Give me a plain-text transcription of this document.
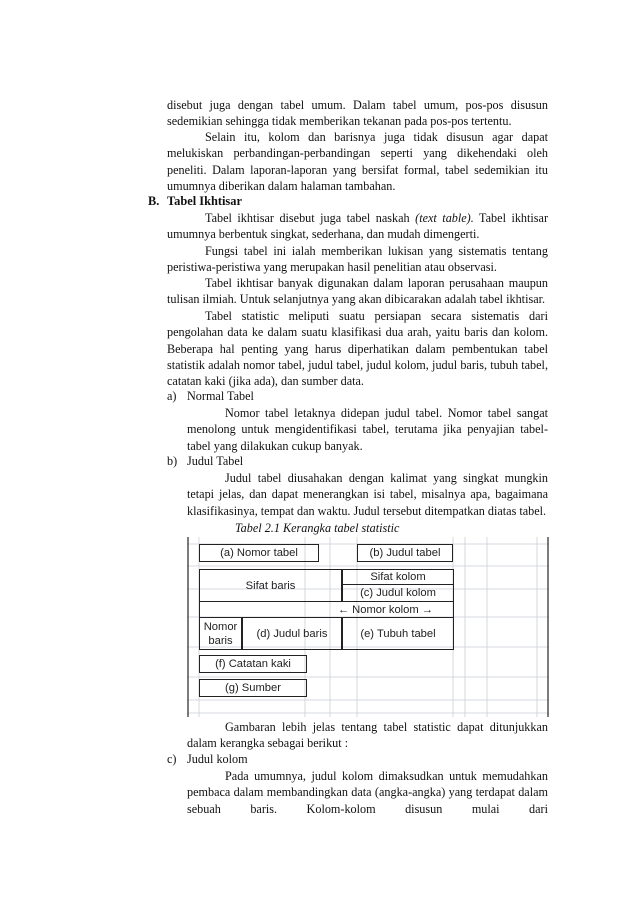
disebut juga dengan tabel umum. Dalam tabel umum, pos-pos disusun sedemikian sehingga tidak memberikan tekanan pada pos-pos tertentu.

Selain itu, kolom dan barisnya juga tidak disusun agar dapat melukiskan perbandingan-perbandingan seperti yang dikehendaki oleh peneliti. Dalam laporan-laporan yang bersifat formal, tabel sedemikian itu umumnya diberikan dalam halaman tambahan.

B. Tabel Ikhtisar

Tabel ikhtisar disebut juga tabel naskah (text table). Tabel ikhtisar umumnya berbentuk singkat, sederhana, dan mudah dimengerti.

Fungsi tabel ini ialah memberikan lukisan yang sistematis tentang peristiwa-peristiwa yang merupakan hasil penelitian atau observasi.

Tabel ikhtisar banyak digunakan dalam laporan perusahaan maupun tulisan ilmiah. Untuk selanjutnya yang akan dibicarakan adalah tabel ikhtisar.

Tabel statistic meliputi suatu persiapan secara sistematis dari pengolahan data ke dalam suatu klasifikasi dua arah, yaitu baris dan kolom. Beberapa hal penting yang harus diperhatikan dalam pembentukan tabel statistik adalah nomor tabel, judul tabel, judul kolom, judul baris, tubuh tabel, catatan kaki (jika ada), dan sumber data.

a) Normal Tabel

Nomor tabel letaknya didepan judul tabel. Nomor tabel sangat menolong untuk mengidentifikasi tabel, terutama jika penyajian tabel-tabel yang dilakukan cukup banyak.

b) Judul Tabel

Judul tabel diusahakan dengan kalimat yang singkat mungkin tetapi jelas, dan dapat menerangkan isi tabel, misalnya apa, bagaimana klasifikasinya, tempat dan waktu. Judul tersebut ditempatkan diatas tabel.

Tabel 2.1 Kerangka tabel statistic
(a) Nomor tabel	(b) Judul tabel
Sifat baris
Sifat kolom
(c) Judul kolom
← Nomor kolom →
Nomor baris
(d) Judul baris	(e) Tubuh tabel
(f) Catatan kaki
(g) Sumber

Gambaran lebih jelas tentang tabel statistic dapat ditunjukkan dalam kerangka sebagai berikut :

c) Judul kolom

Pada umumnya, judul kolom dimaksudkan untuk memudahkan pembaca dalam membandingkan data (angka-angka) yang terdapat dalam sebuah baris. Kolom-kolom disusun mulai dari
